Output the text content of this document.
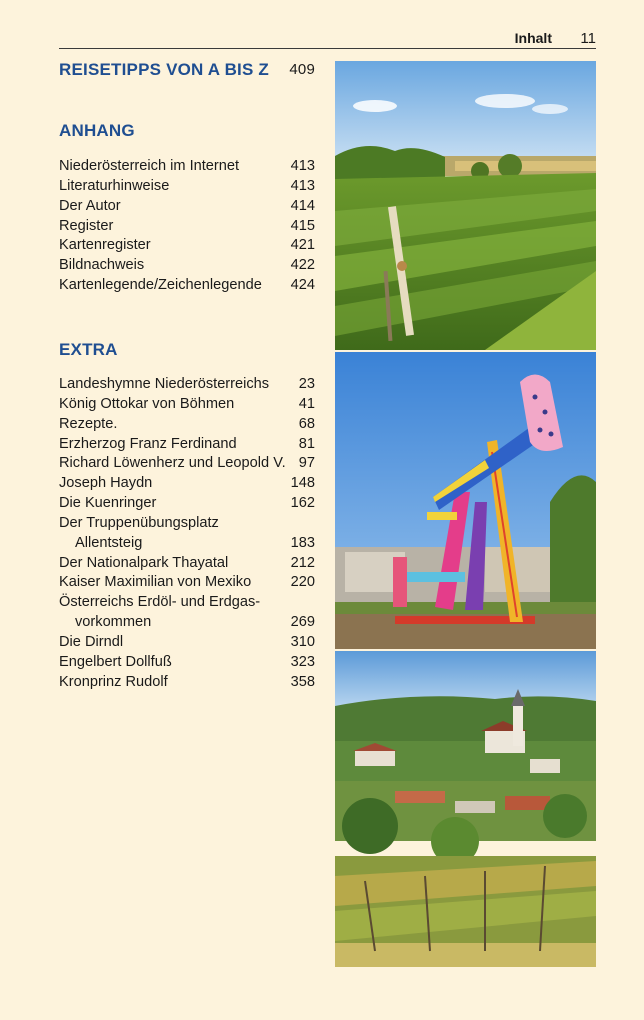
Inhalt	11
REISETIPPS VON A BIS Z 409
ANHANG
Niederösterreich im Internet	413
Literaturhinweise	413
Der Autor	414
Register	415
Kartenregister	421
Bildnachweis	422
Kartenlegende/Zeichenlegende 424
EXTRA
Landeshymne Niederösterreichs 23
König Ottokar von Böhmen	41
Rezepte.	68
Erzherzog Franz Ferdinand	81
Richard Löwenherz und Leopold V. 97
Joseph Haydn	148
Die Kuenringer	162
Der Truppenübungsplatz
Allentsteig	183
Der Nationalpark Thayatal	212
Kaiser Maximilian von Mexiko	220
Österreichs Erdöl- und Erdgas-
vorkommen	269
Die Dirndl	310
Engelbert Dollfuß	323
Kronprinz Rudolf	358
